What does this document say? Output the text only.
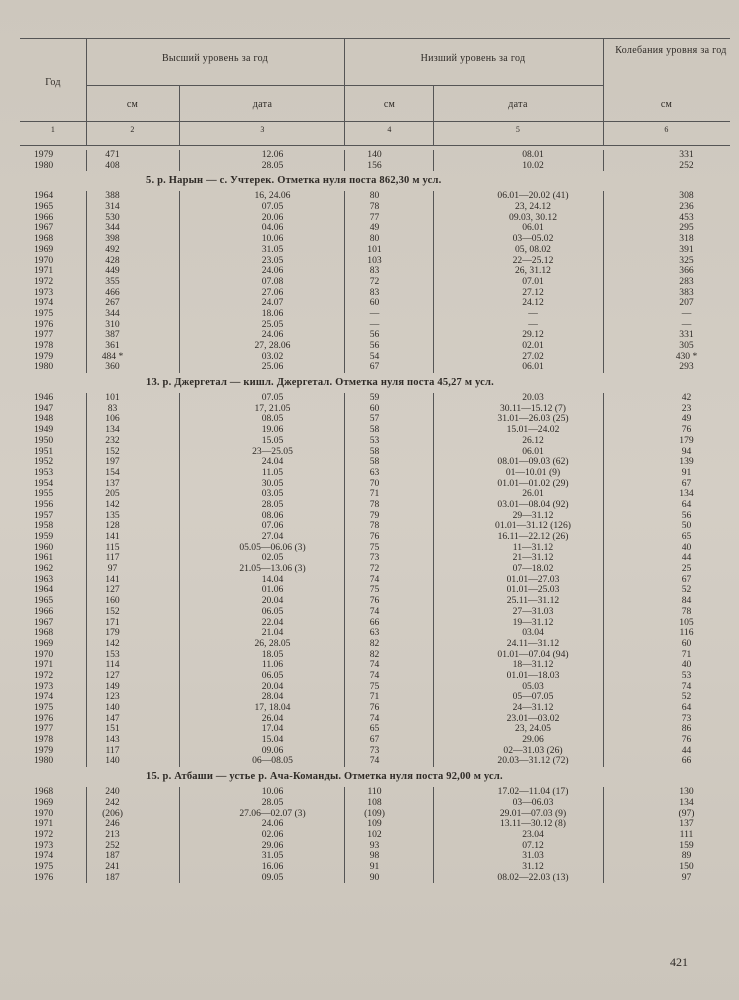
Год
Высший уровень за год	Низший уровень за год
Колебания уровня за год
см	дата	см	дата	см
1	2	3	4	5	6
1979	471	12.06	140	08.01	331
1980	408	28.05	156	10.02	252
5. р. Нарын — с. Учтерек. Отметка нуля поста 862,30 м усл.
1964	388	16, 24.06	80	06.01—20.02 (41)	308
1965	314	07.05	78	23, 24.12	236
1966	530	20.06	77	09.03, 30.12	453
1967	344	04.06	49	06.01	295
1968	398	10.06	80	03—05.02	318
1969	492	31.05	101	05, 08.02	391
1970	428	23.05	103	22—25.12	325
1971	449	24.06	83	26, 31.12	366
1972	355	07.08	72	07.01	283
1973	466	27.06	83	27.12	383
1974	267	24.07	60	24.12	207
1975	344	18.06	—	—	—
1976	310	25.05	—	—	—
1977	387	24.06	56	29.12	331
1978	361	27, 28.06	56	02.01	305
1979	484 *	03.02	54	27.02	430 *
1980	360	25.06	67	06.01	293
13. р. Джергетал — кишл. Джергетал. Отметка нуля поста 45,27 м усл.
1946	101	07.05	59	20.03	42
1947	83	17, 21.05	60	30.11—15.12 (7)	23
1948	106	08.05	57	31.01—26.03 (25)	49
1949	134	19.06	58	15.01—24.02	76
1950	232	15.05	53	26.12	179
1951	152	23—25.05	58	06.01	94
1952	197	24.04	58	08.01—09.03 (62)	139
1953	154	11.05	63	01—10.01 (9)	91
1954	137	30.05	70	01.01—01.02 (29)	67
1955	205	03.05	71	26.01	134
1956	142	28.05	78	03.01—08.04 (92)	64
1957	135	08.06	79	29—31.12	56
1958	128	07.06	78	01.01—31.12 (126)	50
1959	141	27.04	76	16.11—22.12 (26)	65
1960	115	05.05—06.06 (3)	75	11—31.12	40
1961	117	02.05	73	21—31.12	44
1962	97	21.05—13.06 (3)	72	07—18.02	25
1963	141	14.04	74	01.01—27.03	67
1964	127	01.06	75	01.01—25.03	52
1965	160	20.04	76	25.11—31.12	84
1966	152	06.05	74	27—31.03	78
1967	171	22.04	66	19—31.12	105
1968	179	21.04	63	03.04	116
1969	142	26, 28.05	82	24.11—31.12	60
1970	153	18.05	82	01.01—07.04 (94)	71
1971	114	11.06	74	18—31.12	40
1972	127	06.05	74	01.01—18.03	53
1973	149	20.04	75	05.03	74
1974	123	28.04	71	05—07.05	52
1975	140	17, 18.04	76	24—31.12	64
1976	147	26.04	74	23.01—03.02	73
1977	151	17.04	65	23, 24.05	86
1978	143	15.04	67	29.06	76
1979	117	09.06	73	02—31.03 (26)	44
1980	140	06—08.05	74	20.03—31.12 (72)	66
15. р. Атбаши — устье р. Ача-Команды. Отметка нуля поста 92,00 м усл.
1968	240	10.06	110	17.02—11.04 (17)	130
1969	242	28.05	108	03—06.03	134
1970	(206)	27.06—02.07 (3)	(109)	29.01—07.03 (9)	(97)
1971	246	24.06	109	13.11—30.12 (8)	137
1972	213	02.06	102	23.04	111
1973	252	29.06	93	07.12	159
1974	187	31.05	98	31.03	89
1975	241	16.06	91	31.12	150
1976	187	09.05	90	08.02—22.03 (13)	97
421
